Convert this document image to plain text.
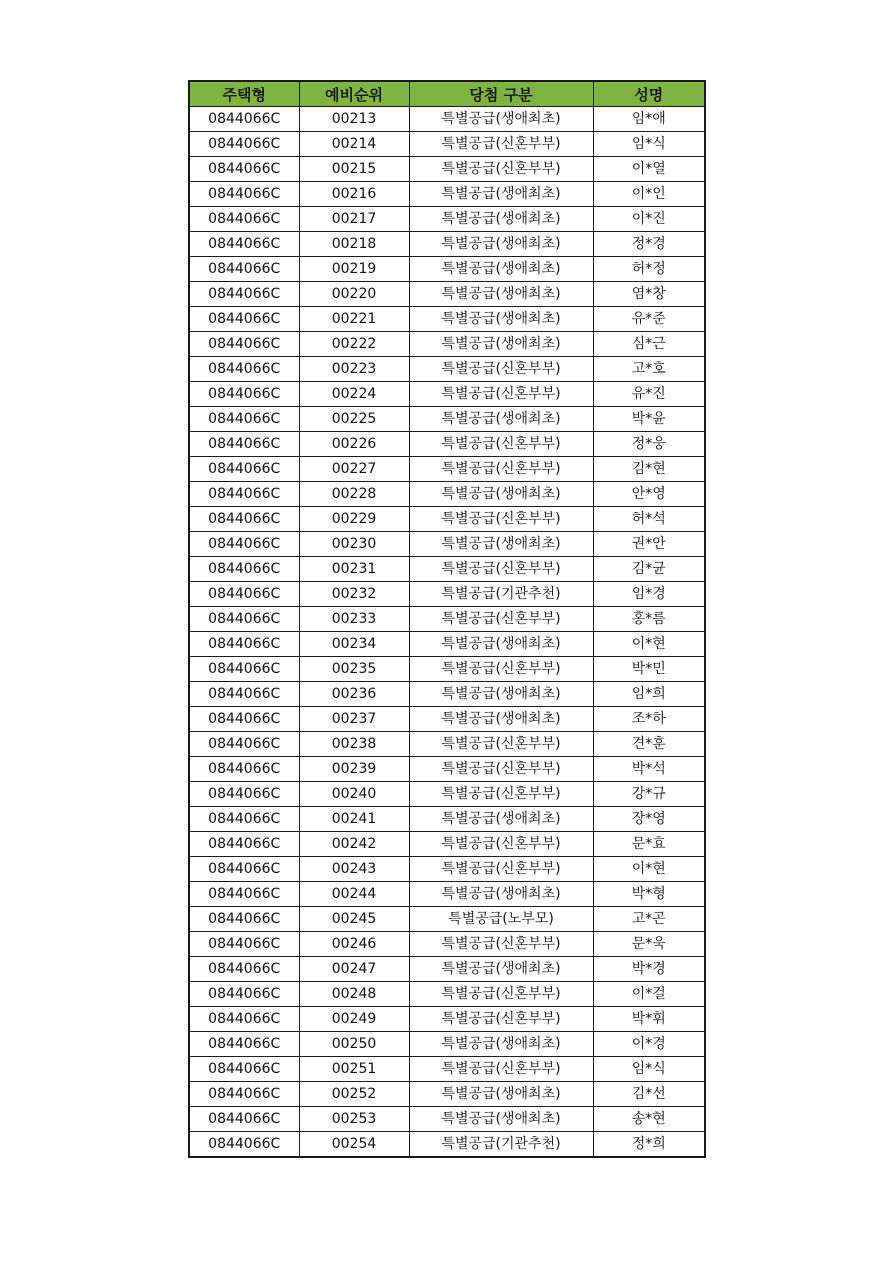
주택형	예비순위	당첨 구분	성명
0844066C	00213	특별공급(생애최초)	임*애
0844066C	00214	특별공급(신혼부부)	임*식
0844066C	00215	특별공급(신혼부부)	이*열
0844066C	00216	특별공급(생애최초)	이*인
0844066C	00217	특별공급(생애최초)	이*진
0844066C	00218	특별공급(생애최초)	정*경
0844066C	00219	특별공급(생애최초)	허*정
0844066C	00220	특별공급(생애최초)	염*창
0844066C	00221	특별공급(생애최초)	유*준
0844066C	00222	특별공급(생애최초)	심*근
0844066C	00223	특별공급(신혼부부)	고*호
0844066C	00224	특별공급(신혼부부)	유*진
0844066C	00225	특별공급(생애최초)	박*윤
0844066C	00226	특별공급(신혼부부)	정*웅
0844066C	00227	특별공급(신혼부부)	김*현
0844066C	00228	특별공급(생애최초)	안*영
0844066C	00229	특별공급(신혼부부)	허*석
0844066C	00230	특별공급(생애최초)	권*안
0844066C	00231	특별공급(신혼부부)	김*균
0844066C	00232	특별공급(기관추천)	임*경
0844066C	00233	특별공급(신혼부부)	홍*름
0844066C	00234	특별공급(생애최초)	이*현
0844066C	00235	특별공급(신혼부부)	박*민
0844066C	00236	특별공급(생애최초)	임*희
0844066C	00237	특별공급(생애최초)	조*하
0844066C	00238	특별공급(신혼부부)	견*훈
0844066C	00239	특별공급(신혼부부)	박*석
0844066C	00240	특별공급(신혼부부)	강*규
0844066C	00241	특별공급(생애최초)	장*영
0844066C	00242	특별공급(신혼부부)	문*효
0844066C	00243	특별공급(신혼부부)	이*현
0844066C	00244	특별공급(생애최초)	박*형
0844066C	00245	특별공급(노부모)	고*곤
0844066C	00246	특별공급(신혼부부)	문*욱
0844066C	00247	특별공급(생애최초)	박*경
0844066C	00248	특별공급(신혼부부)	이*걸
0844066C	00249	특별공급(신혼부부)	박*휘
0844066C	00250	특별공급(생애최초)	이*경
0844066C	00251	특별공급(신혼부부)	임*식
0844066C	00252	특별공급(생애최초)	김*선
0844066C	00253	특별공급(생애최초)	송*현
0844066C	00254	특별공급(기관추천)	정*희
